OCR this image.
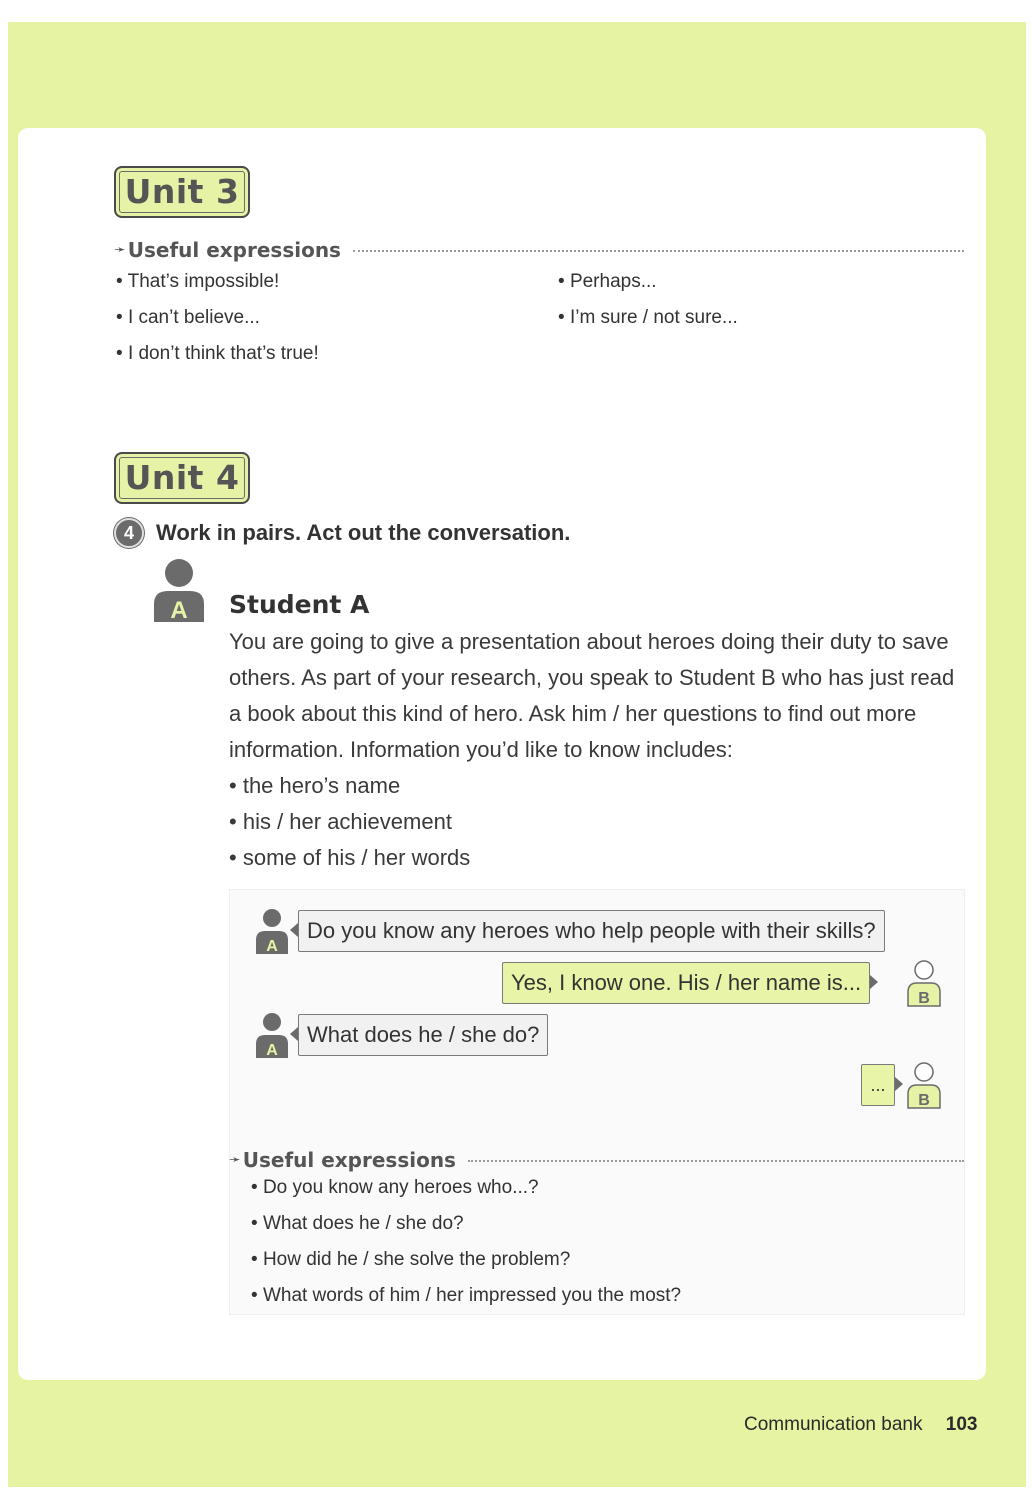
Unit 3
➛ Useful expressions
• That’s impossible!
• I can’t believe...
• I don’t think that’s true!
• Perhaps...
• I’m sure / not sure...
Unit 4
4	Work in pairs. Act out the conversation.
A Student A

You are going to give a presentation about heroes doing their duty to save others. As part of your research, you speak to Student B who has just read a book about this kind of hero. Ask him / her questions to find out more information. Information you’d like to know includes:

• the hero’s name
• his / her achievement
• some of his / her words
A
Do you know any heroes who help people with their skills?
Yes, I know one. His / her name is...
B
A
What does he / she do?
...
B
➛ Useful expressions
• Do you know any heroes who...?
• What does he / she do?
• How did he / she solve the problem?
• What words of him / her impressed you the most?
Communication bank 103
